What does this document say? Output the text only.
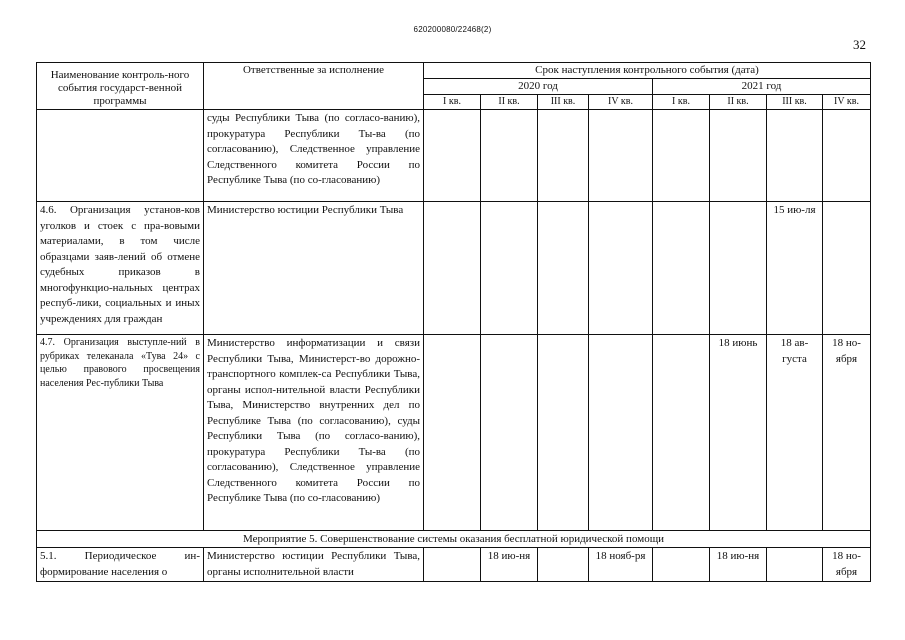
620200080/22468(2)
32
Наименование контроль-ного события государст-венной программы	Ответственные за исполнение	Срок наступления контрольного события (дата)							
		2020 год				2021 год			
		I кв.	II кв.	III кв.	IV кв.	I кв.	II кв.	III кв.	IV кв.
	суды Республики Тыва (по согласо-ванию), прокуратура Республики Ты-ва (по согласованию), Следственное управление Следственного комитета России по Республике Тыва (по со-гласованию)								
4.6. Организация установ-ков уголков и стоек с пра-вовыми материалами, в том числе образцами заяв-лений об отмене судебных приказов в многофункцио-нальных центрах респуб-лики, социальных и иных учреждениях для граждан	Министерство юстиции Республики Тыва							15 ию-ля	
4.7. Организация выступле-ний в рубриках телеканала «Тува 24» с целью правового просвещения населения Рес-публики Тыва	Министерство информатизации и связи Республики Тыва, Министерст-во дорожно-транспортного комплек-са Республики Тыва, органы испол-нительной власти Республики Тыва, Министерство внутренних дел по Республике Тыва (по согласованию), суды Республики Тыва (по согласо-ванию), прокуратура Республики Ты-ва (по согласованию), Следственное управление Следственного комитета России по Республике Тыва (по со-гласованию)						18 июнь	18 ав-густа	18 но-ября
Мероприятие 5. Совершенствование системы оказания бесплатной юридической помощи									
5.1. Периодическое ин-формирование населения о	Министерство юстиции Республики Тыва, органы исполнительной власти		18 ию-ня		18 нояб-ря		18 ию-ня		18 но-ября
